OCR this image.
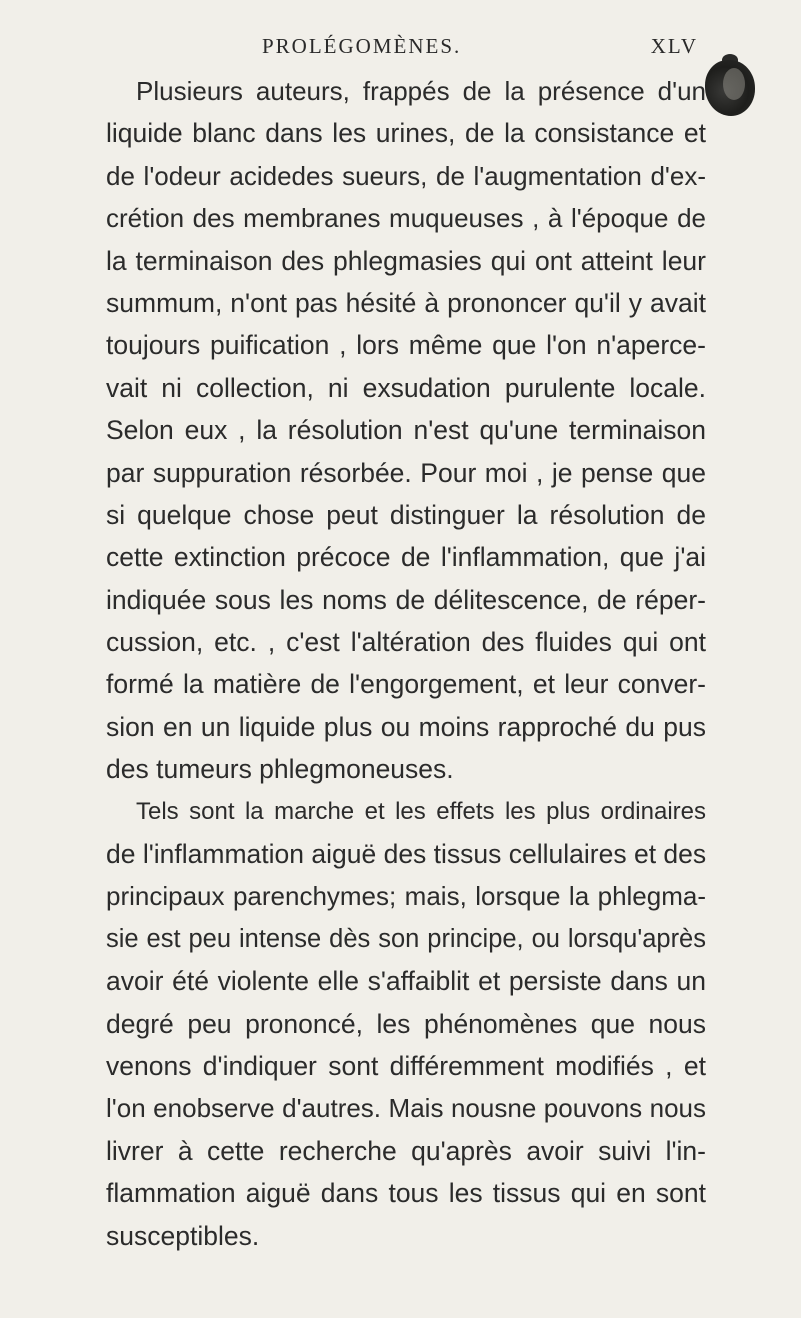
PROLÉGOMÈNES.	XLV
Plusieurs auteurs, frappés de la présence d'un
liquide blanc dans les urines, de la consistance et
de l'odeur acidedes sueurs, de l'augmentation d'ex-
crétion des membranes muqueuses , à l'époque de
la terminaison des phlegmasies qui ont atteint leur
summum, n'ont pas hésité à prononcer qu'il y avait
toujours puification , lors même que l'on n'aperce-
vait ni collection, ni exsudation purulente locale.
Selon eux , la résolution n'est qu'une terminaison
par suppuration résorbée. Pour moi , je pense que
si quelque chose peut distinguer la résolution de
cette extinction précoce de l'inflammation, que j'ai
indiquée sous les noms de délitescence, de réper-
cussion, etc. , c'est l'altération des fluides qui ont
formé la matière de l'engorgement, et leur conver-
sion en un liquide plus ou moins rapproché du pus
des tumeurs phlegmoneuses.
Tels sont la marche et les effets les plus ordinaires
de l'inflammation aiguë des tissus cellulaires et des
principaux parenchymes; mais, lorsque la phlegma-
sie est peu intense dès son principe, ou lorsqu'après
avoir été violente elle s'affaiblit et persiste dans un
degré peu prononcé, les phénomènes que nous
venons d'indiquer sont différemment modifiés , et
l'on enobserve d'autres. Mais nousne pouvons nous
livrer à cette recherche qu'après avoir suivi l'in-
flammation aiguë dans tous les tissus qui en sont
susceptibles.
